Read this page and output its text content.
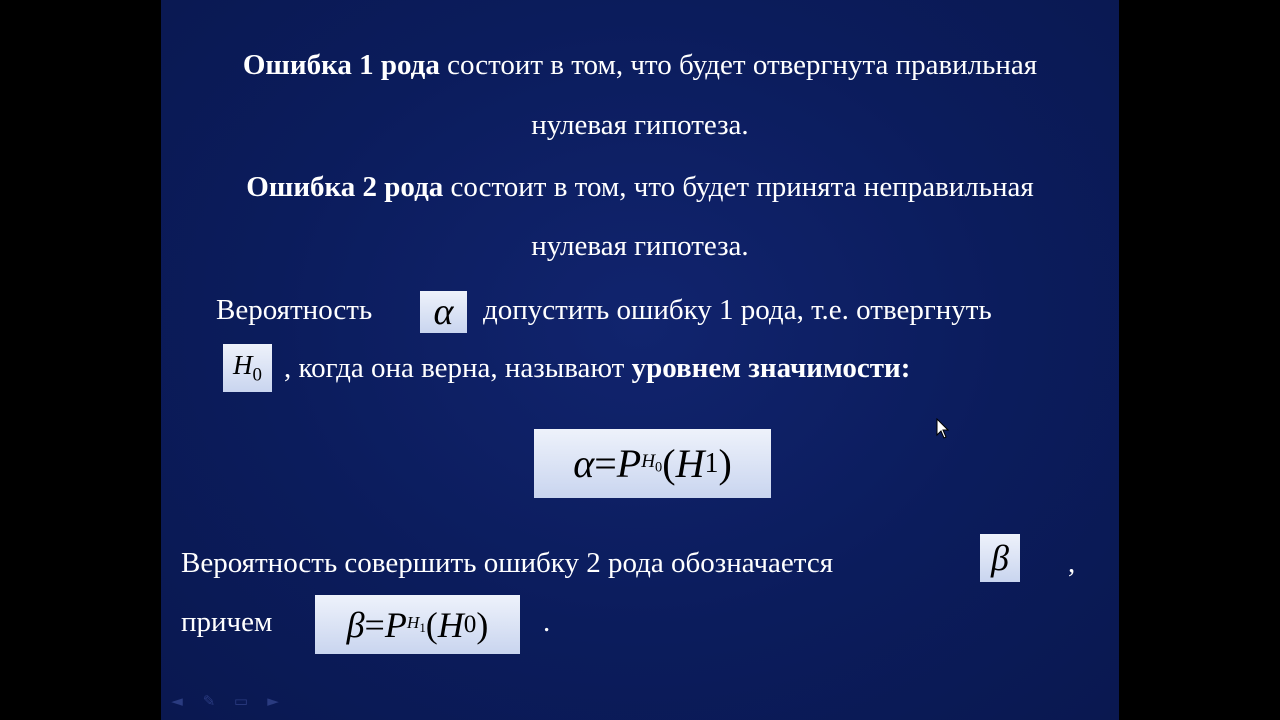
Ошибка 1 рода состоит в том, что будет отвергнута правильная
нулевая гипотеза.
Ошибка 2 рода состоит в том, что будет принята неправильная
нулевая гипотеза.
Вероятность α допустить ошибку 1 рода, т.е. отвергнуть
$H_0$ , когда она верна, называют уровнем значимости:
α = P $H_0$ ( H 1 )
Вероятность совершить ошибку 2 рода обозначается	β ,
причем β = P $H_1$ ( H 0 ) .
◄ ✎ ▭ ►
